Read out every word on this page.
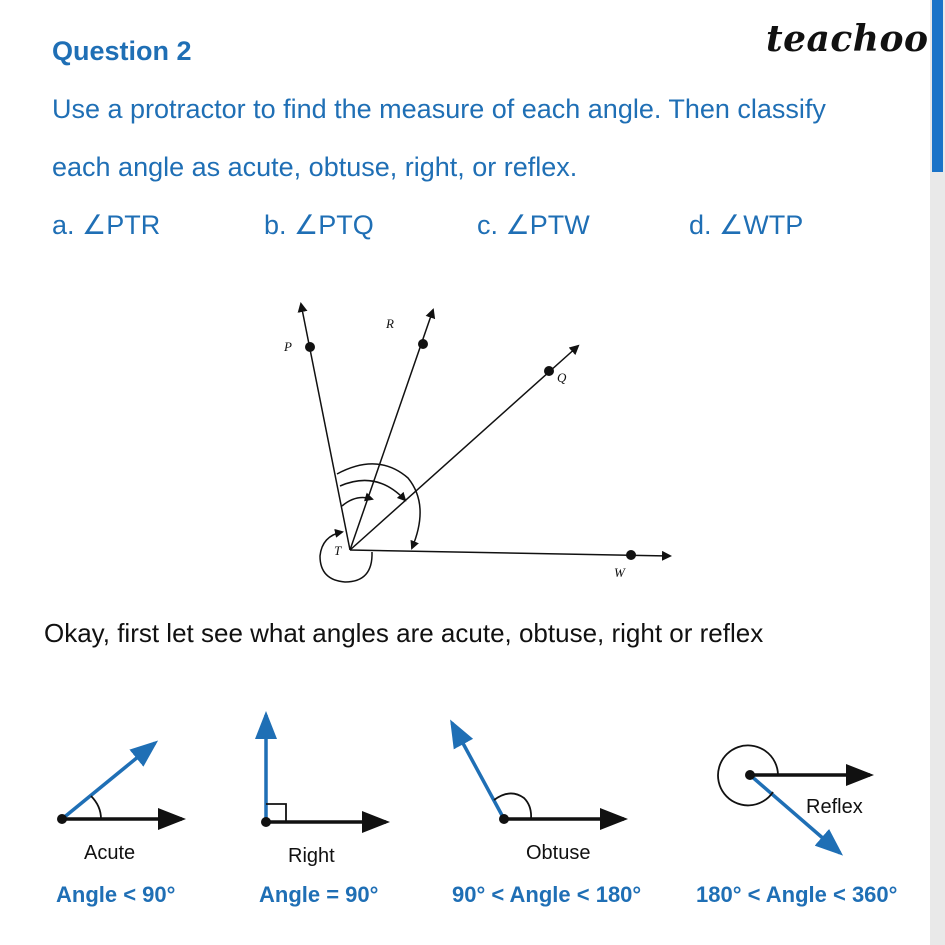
Question 2	teachoo
Use a protractor to find the measure of each angle. Then classify
each angle as acute, obtuse, right, or reflex.
a. ∠PTR	b. ∠PTQ	c. ∠PTW	d. ∠WTP
P
R
Q
T
W
Okay, first let see what angles are acute, obtuse, right or reflex
Acute	Right	Obtuse
Reflex
Angle < 90°	Angle = 90°	90° < Angle < 180° 180° < Angle < 360°
